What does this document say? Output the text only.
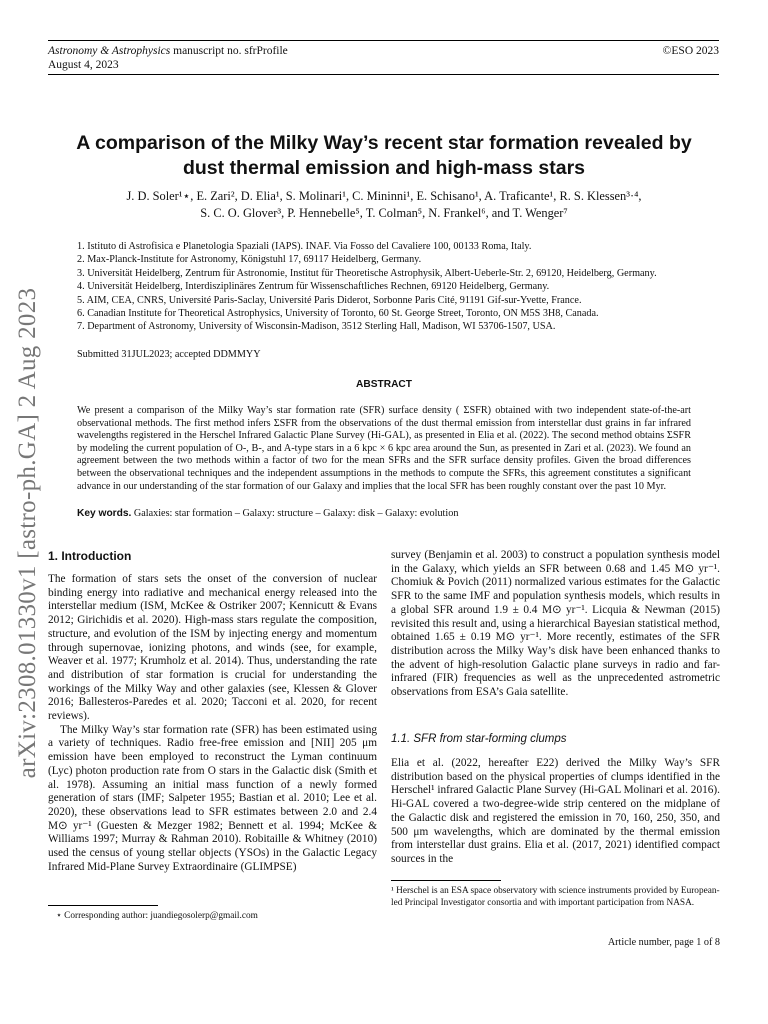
Astronomy & Astrophysics manuscript no. sfrProfile
August 4, 2023
©ESO 2023
arXiv:2308.01330v1 [astro-ph.GA] 2 Aug 2023
A comparison of the Milky Way’s recent star formation revealed by
dust thermal emission and high-mass stars
J. D. Soler¹⋆, E. Zari², D. Elia¹, S. Molinari¹, C. Mininni¹, E. Schisano¹, A. Traficante¹, R. S. Klessen³·⁴,
S. C. O. Glover³, P. Hennebelle⁵, T. Colman⁵, N. Frankel⁶, and T. Wenger⁷
1. Istituto di Astrofisica e Planetologia Spaziali (IAPS). INAF. Via Fosso del Cavaliere 100, 00133 Roma, Italy.
2. Max-Planck-Institute for Astronomy, Königstuhl 17, 69117 Heidelberg, Germany.
3. Universität Heidelberg, Zentrum für Astronomie, Institut für Theoretische Astrophysik, Albert-Ueberle-Str. 2, 69120, Heidelberg, Germany.
4. Universität Heidelberg, Interdisziplinäres Zentrum für Wissenschaftliches Rechnen, 69120 Heidelberg, Germany.
5. AIM, CEA, CNRS, Université Paris-Saclay, Université Paris Diderot, Sorbonne Paris Cité, 91191 Gif-sur-Yvette, France.
6. Canadian Institute for Theoretical Astrophysics, University of Toronto, 60 St. George Street, Toronto, ON M5S 3H8, Canada.
7. Department of Astronomy, University of Wisconsin-Madison, 3512 Sterling Hall, Madison, WI 53706-1507, USA.
Submitted 31JUL2023; accepted DDMMYY
ABSTRACT
We present a comparison of the Milky Way’s star formation rate (SFR) surface density ( ΣSFR) obtained with two independent state-of-the-art observational methods. The first method infers ΣSFR from the observations of the dust thermal emission from interstellar dust grains in far infrared wavelengths registered in the Herschel Infrared Galactic Plane Survey (Hi-GAL), as presented in Elia et al. (2022). The second method obtains ΣSFR by modeling the current population of O-, B-, and A-type stars in a 6 kpc × 6 kpc area around the Sun, as presented in Zari et al. (2023). We found an agreement between the two methods within a factor of two for the mean SFRs and the SFR surface density profiles. Given the broad differences between the observational techniques and the independent assumptions in the methods to compute the SFRs, this agreement constitutes a significant advance in our understanding of the star formation of our Galaxy and implies that the local SFR has been roughly constant over the past 10 Myr.
Key words. Galaxies: star formation – Galaxy: structure – Galaxy: disk – Galaxy: evolution
1. Introduction

The formation of stars sets the onset of the conversion of nuclear binding energy into radiative and mechanical energy released into the interstellar medium (ISM, McKee & Ostriker 2007; Kennicutt & Evans 2012; Girichidis et al. 2020). High-mass stars regulate the composition, structure, and evolution of the ISM by injecting energy and momentum through supernovae, ionizing photons, and winds (see, for example, Weaver et al. 1977; Krumholz et al. 2014). Thus, understanding the rate and distribution of star formation is crucial for understanding the workings of the Milky Way and other galaxies (see, Klessen & Glover 2016; Ballesteros-Paredes et al. 2020; Tacconi et al. 2020, for recent reviews).

The Milky Way’s star formation rate (SFR) has been estimated using a variety of techniques. Radio free-free emission and [NII] 205 μm emission have been employed to reconstruct the Lyman continuum (Lyc) photon production rate from O stars in the Galactic disk (Smith et al. 1978). Assuming an initial mass function of a newly formed generation of stars (IMF; Salpeter 1955; Bastian et al. 2010; Lee et al. 2020), these observations lead to SFR estimates between 2.0 and 2.4 M⊙ yr⁻¹ (Guesten & Mezger 1982; Bennett et al. 1994; McKee & Williams 1997; Murray & Rahman 2010). Robitaille & Whitney (2010) used the census of young stellar objects (YSOs) in the Galactic Legacy Infrared Mid-Plane Survey Extraordinaire (GLIMPSE)

⋆ Corresponding author: juandiegosolerp@gmail.com

survey (Benjamin et al. 2003) to construct a population synthesis model in the Galaxy, which yields an SFR between 0.68 and 1.45 M⊙ yr⁻¹. Chomiuk & Povich (2011) normalized various estimates for the Galactic SFR to the same IMF and population synthesis models, which results in a global SFR around 1.9 ± 0.4 M⊙ yr⁻¹. Licquia & Newman (2015) revisited this result and, using a hierarchical Bayesian statistical method, obtained 1.65 ± 0.19 M⊙ yr⁻¹. More recently, estimates of the SFR distribution across the Milky Way’s disk have been enhanced thanks to the advent of high-resolution Galactic plane surveys in radio and far-infrared (FIR) frequencies as well as the unprecedented astrometric observations from ESA’s Gaia satellite.

1.1. SFR from star-forming clumps

Elia et al. (2022, hereafter E22) derived the Milky Way’s SFR distribution based on the physical properties of clumps identified in the Herschel¹ infrared Galactic Plane Survey (Hi-GAL Molinari et al. 2016). Hi-GAL covered a two-degree-wide strip centered on the midplane of the Galactic disk and registered the emission in 70, 160, 250, 350, and 500 μm wavelengths, which are dominated by the thermal emission from interstellar dust grains. Elia et al. (2017, 2021) identified compact sources in the

¹ Herschel is an ESA space observatory with science instruments provided by European-led Principal Investigator consortia and with important participation from NASA.
Article number, page 1 of 8
